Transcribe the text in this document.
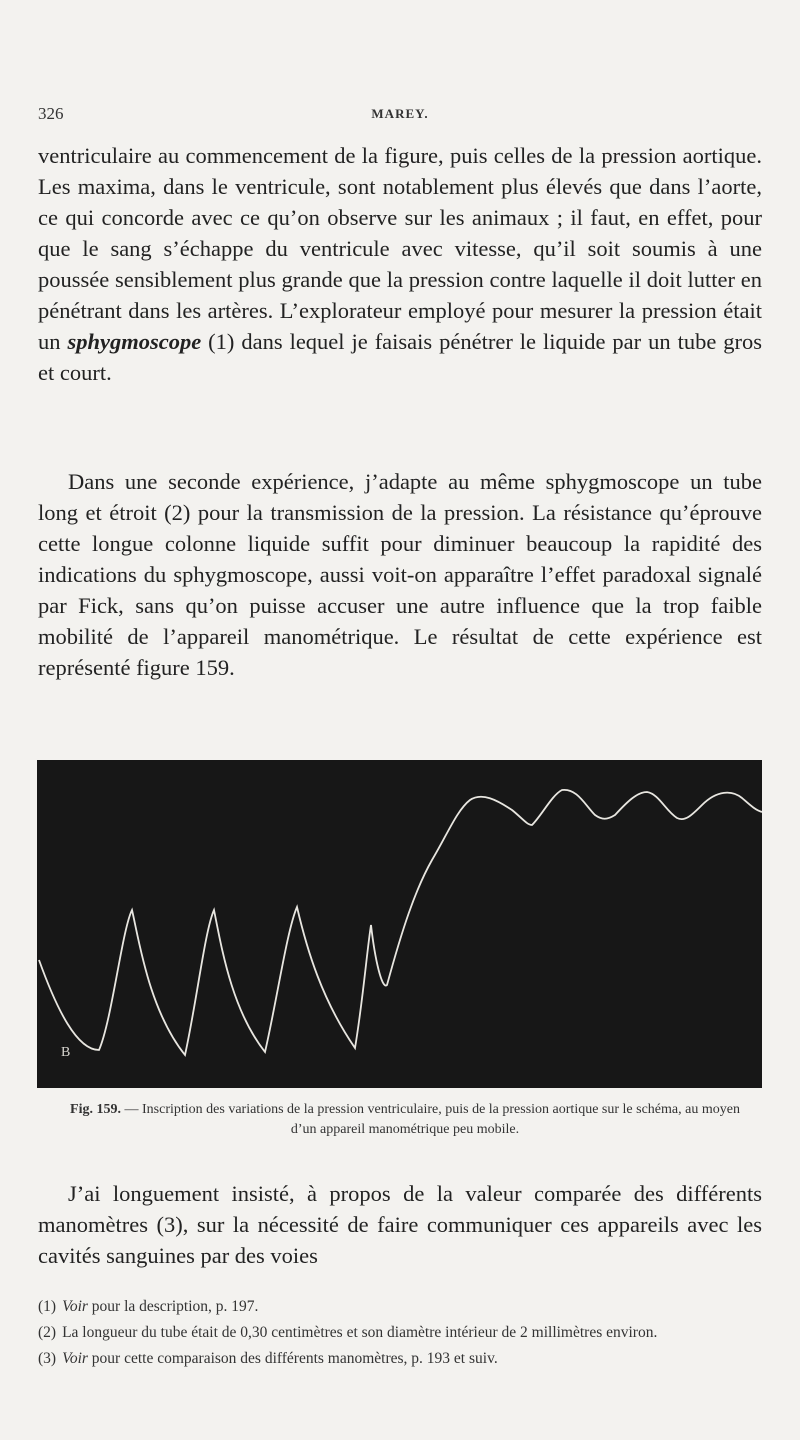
326	MAREY.

ventriculaire au commencement de la figure, puis celles de la pression aortique. Les maxima, dans le ventricule, sont notablement plus élevés que dans l’aorte, ce qui concorde avec ce qu’on observe sur les animaux ; il faut, en effet, pour que le sang s’échappe du ventricule avec vitesse, qu’il soit soumis à une poussée sensiblement plus grande que la pression contre laquelle il doit lutter en pénétrant dans les artères. L’explorateur employé pour mesurer la pression était un sphygmoscope (1) dans lequel je faisais pénétrer le liquide par un tube gros et court.

Dans une seconde expérience, j’adapte au même sphygmoscope un tube long et étroit (2) pour la transmission de la pression. La résistance qu’éprouve cette longue colonne liquide suffit pour diminuer beaucoup la rapidité des indications du sphygmoscope, aussi voit-on apparaître l’effet paradoxal signalé par Fick, sans qu’on puisse accuser une autre influence que la trop faible mobilité de l’appareil manométrique. Le résultat de cette expérience est représenté figure 159.

B
Fig. 159. — Inscription des variations de la pression ventriculaire, puis de la pression aortique sur le schéma, au moyen d’un appareil manométrique peu mobile.

J’ai longuement insisté, à propos de la valeur comparée des différents manomètres (3), sur la nécessité de faire communiquer ces appareils avec les cavités sanguines par des voies

(1) Voir pour la description, p. 197.

(2) La longueur du tube était de 0,30 centimètres et son diamètre intérieur de 2 millimètres environ.

(3) Voir pour cette comparaison des différents manomètres, p. 193 et suiv.
